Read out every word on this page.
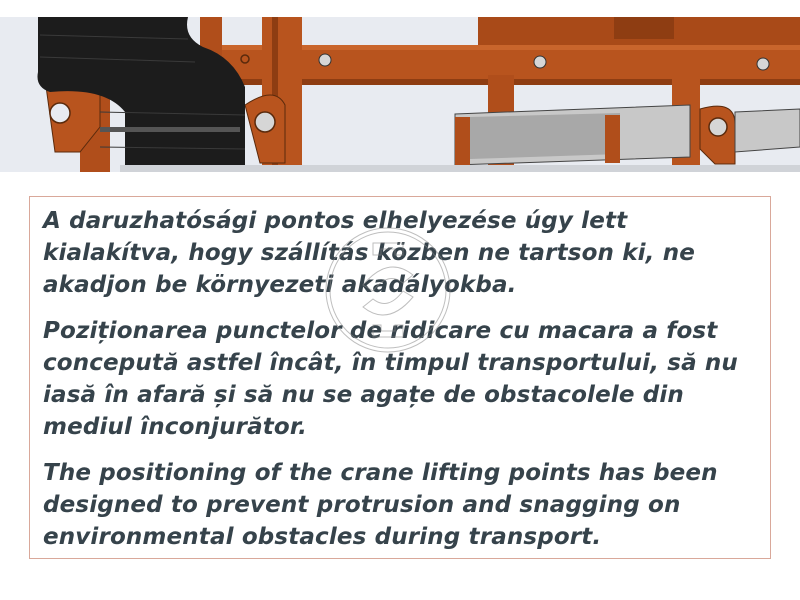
A daruzhatósági pontos elhelyezése úgy lett kialakítva, hogy szállítás közben ne tartson ki, ne akadjon be környezeti akadályokba.

Poziționarea punctelor de ridicare cu macara a fost concepută astfel încât, în timpul transportului, să nu iasă în afară și să nu se agațe de obstacolele din mediul înconjurător.

The positioning of the crane lifting points has been designed to prevent protrusion and snagging on environmental obstacles during transport.
